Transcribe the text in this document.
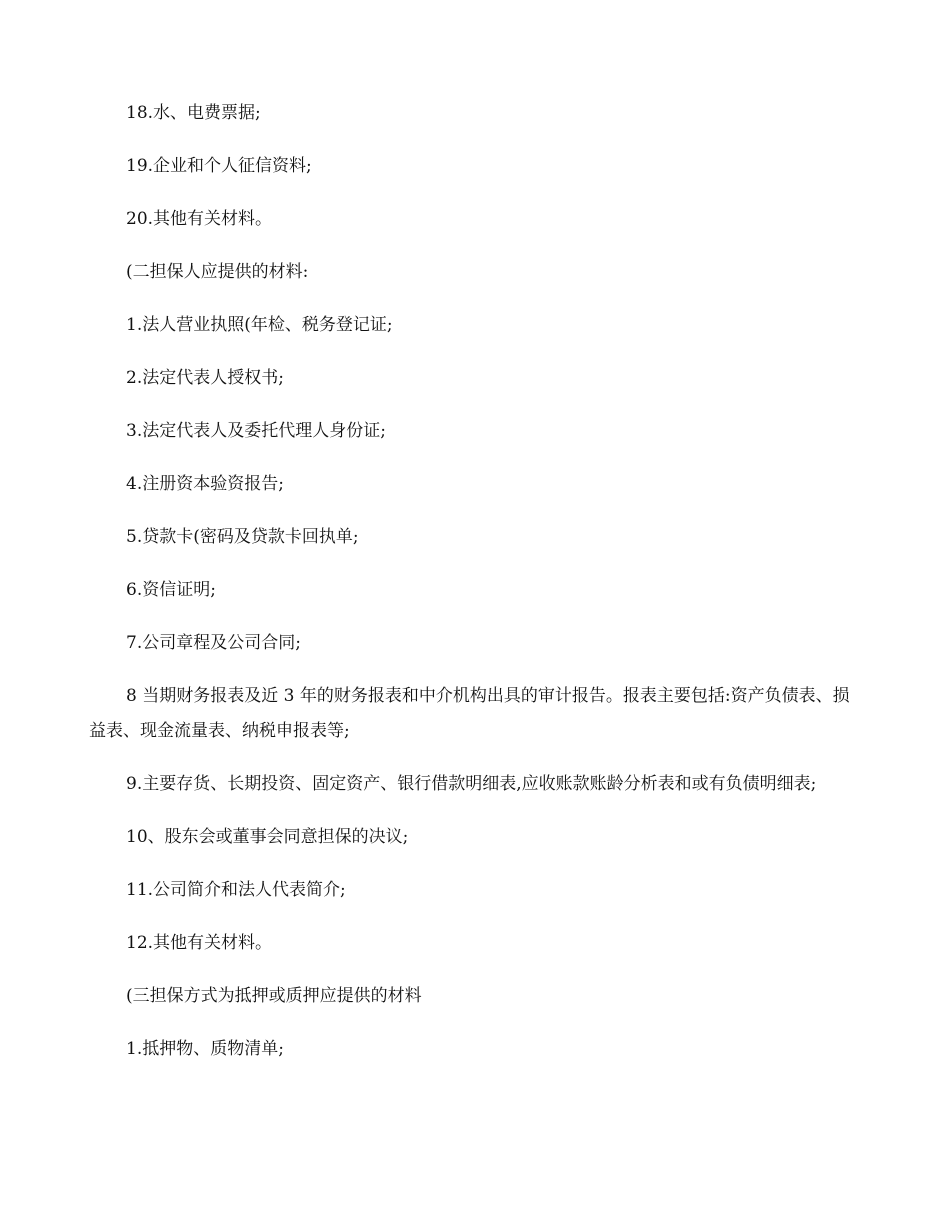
18.水、电费票据;

19.企业和个人征信资料;

20.其他有关材料。

(二担保人应提供的材料:

1.法人营业执照(年检、税务登记证;

2.法定代表人授权书;

3.法定代表人及委托代理人身份证;

4.注册资本验资报告;

5.贷款卡(密码及贷款卡回执单;

6.资信证明;

7.公司章程及公司合同;

8 当期财务报表及近 3 年的财务报表和中介机构出具的审计报告。报表主要包括:资产负债表、损益表、现金流量表、纳税申报表等;

9.主要存货、长期投资、固定资产、银行借款明细表,应收账款账龄分析表和或有负债明细表;

10、股东会或董事会同意担保的决议;

11.公司简介和法人代表简介;

12.其他有关材料。

(三担保方式为抵押或质押应提供的材料

1.抵押物、质物清单;
